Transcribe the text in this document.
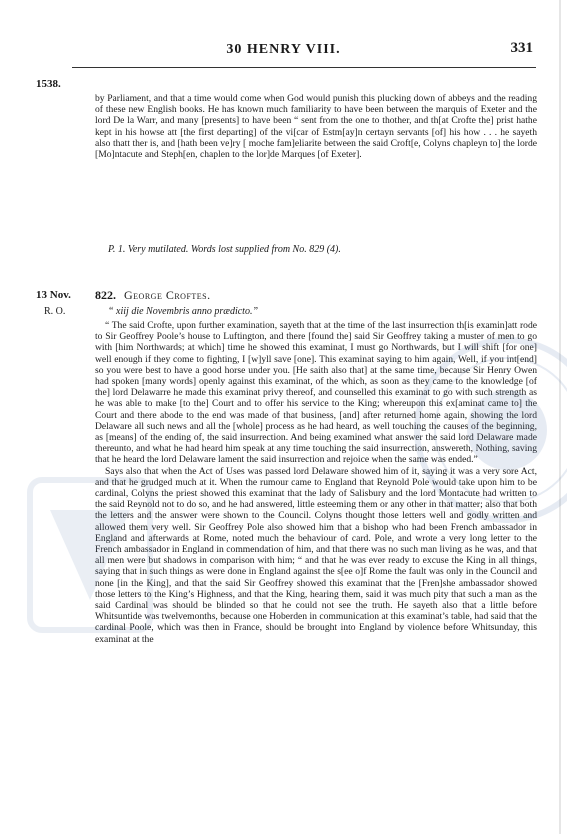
30 HENRY VIII.	331
1538.

by Parliament, and that a time would come when God would punish this plucking down of abbeys and the reading of these new English books. He has known much familiarity to have been between the marquis of Exeter and the lord De la Warr, and many [presents] to have been “ sent from the one to thother, and th[at Crofte the] prist hathe kept in his howse att [the first departing] of the vi[car of Estm[ay]n certayn servants [of] his how . . . he sayeth also thatt ther is, and [hath been ve]ry [ moche fam]eliarite between the said Croft[e, Colyns chapleyn to] the lorde [Mo]ntacute and Steph[en, chaplen to the lor]de Marques [of Exeter].

P. 1. Very mutilated. Words lost supplied from No. 829 (4).
13 Nov.
R. O.
822. George Croftes.
“ xiij die Novembris anno prædicto.”

“ The said Crofte, upon further examination, sayeth that at the time of the last insurrection th[is examin]att rode to Sir Geoffrey Poole’s house to Luftington, and there [found the] said Sir Geoffrey taking a muster of men to go with [him Northwards; at which] time he showed this examinat, I must go Northwards, but I will shift [for one] well enough if they come to fighting, I [w]yll save [one]. This examinat saying to him again, Well, if you int[end] so you were best to have a good horse under you. [He saith also that] at the same time, because Sir Henry Owen had spoken [many words] openly against this examinat, of the which, as soon as they came to the knowledge [of the] lord Delawarre he made this examinat privy thereof, and counselled this examinat to go with such strength as he was able to make [to the] Court and to offer his service to the King; whereupon this ex[aminat came to] the Court and there abode to the end was made of that business, [and] after returned home again, showing the lord Delaware all such news and all the [whole] process as he had heard, as well touching the causes of the beginning, as [means] of the ending of, the said insurrection. And being examined what answer the said lord Delaware made thereunto, and what he had heard him speak at any time touching the said insurrection, answereth, Nothing, saving that he heard the lord Delaware lament the said insurrection and rejoice when the same was ended.”

Says also that when the Act of Uses was passed lord Delaware showed him of it, saying it was a very sore Act, and that he grudged much at it. When the rumour came to England that Reynold Pole would take upon him to be cardinal, Colyns the priest showed this examinat that the lady of Salisbury and the lord Montacute had written to the said Reynold not to do so, and he had answered, little esteeming them or any other in that matter; also that both the letters and the answer were shown to the Council. Colyns thought those letters well and godly written and allowed them very well. Sir Geoffrey Pole also showed him that a bishop who had been French ambassador in England and afterwards at Rome, noted much the behaviour of card. Pole, and wrote a very long letter to the French ambassador in England in commendation of him, and that there was no such man living as he was, and that all men were but shadows in comparison with him; “ and that he was ever ready to excuse the King in all things, saying that in such things as were done in England against the s[ee o]f Rome the fault was only in the Council and none [in the King], and that the said Sir Geoffrey showed this examinat that the [Fren]she ambassador showed those letters to the King’s Highness, and that the King, hearing them, said it was much pity that such a man as the said Cardinal was should be blinded so that he could not see the truth. He sayeth also that a little before Whitsuntide was twelvemonths, because one Hoberden in communication at this examinat’s table, had said that the cardinal Poole, which was then in France, should be brought into England by violence before Whitsunday, this examinat at the
